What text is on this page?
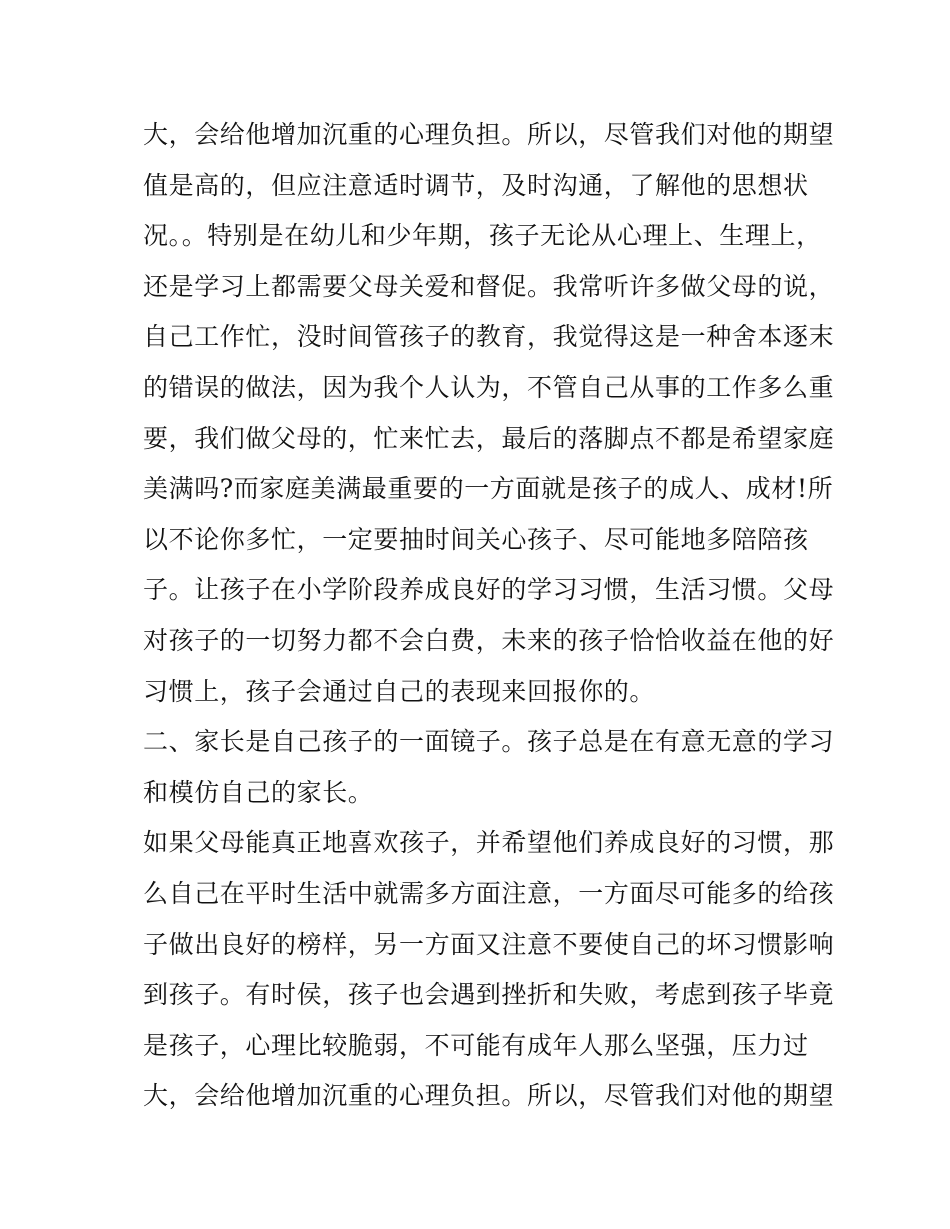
大，会给他增加沉重的心理负担。所以，尽管我们对他的期望
值是高的，但应注意适时调节，及时沟通，了解他的思想状
况。。特别是在幼儿和少年期，孩子无论从心理上、生理上，
还是学习上都需要父母关爱和督促。我常听许多做父母的说，
自己工作忙，没时间管孩子的教育，我觉得这是一种舍本逐末
的错误的做法，因为我个人认为，不管自己从事的工作多么重
要，我们做父母的，忙来忙去，最后的落脚点不都是希望家庭
美满吗?而家庭美满最重要的一方面就是孩子的成人、成材!所
以不论你多忙，一定要抽时间关心孩子、尽可能地多陪陪孩
子。让孩子在小学阶段养成良好的学习习惯，生活习惯。父母
对孩子的一切努力都不会白费，未来的孩子恰恰收益在他的好
习惯上，孩子会通过自己的表现来回报你的。
二、家长是自己孩子的一面镜子。孩子总是在有意无意的学习
和模仿自己的家长。
如果父母能真正地喜欢孩子，并希望他们养成良好的习惯，那
么自己在平时生活中就需多方面注意，一方面尽可能多的给孩
子做出良好的榜样，另一方面又注意不要使自己的坏习惯影响
到孩子。有时侯，孩子也会遇到挫折和失败，考虑到孩子毕竟
是孩子，心理比较脆弱，不可能有成年人那么坚强，压力过
大，会给他增加沉重的心理负担。所以，尽管我们对他的期望
